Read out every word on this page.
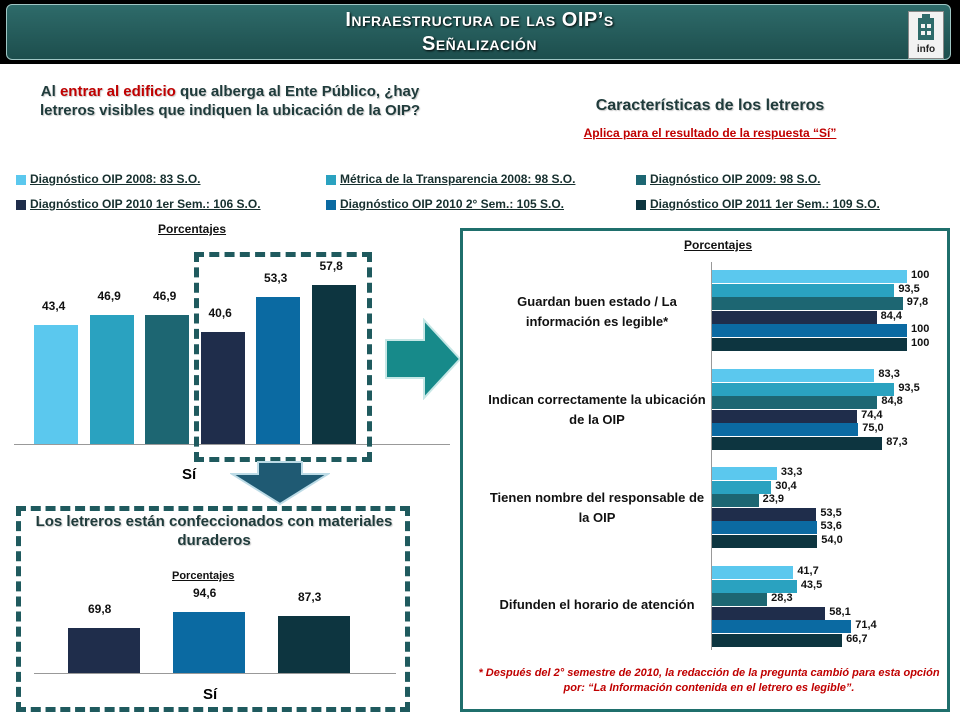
Infraestructura de las OIP’s
Señalización	info
Al entrar al edificio que alberga al Ente Público, ¿hay letreros visibles que indiquen la ubicación de la OIP?	Características de los letreros
Aplica para el resultado de la respuesta “Sí”
Diagnóstico OIP 2008: 83 S.O.	Métrica de la Transparencia 2008: 98 S.O.	Diagnóstico OIP 2009: 98 S.O.
Diagnóstico OIP 2010 1er Sem.: 106 S.O.	Diagnóstico OIP 2010 2° Sem.: 105 S.O.	Diagnóstico OIP 2011 1er Sem.: 109 S.O.
Porcentajes
43,4
46,9	46,9
40,6
53,3
57,8
Sí
Los letreros están confeccionados con materiales duraderos
Porcentajes
69,8
94,6	87,3
Sí
Porcentajes
Guardan buen estado / La información es legible*
100
93,5
97,8
84,4
100
100
Indican correctamente la ubicación de la OIP
83,3
93,5
84,8
74,4
75,0
87,3
Tienen nombre del responsable de la OIP
33,3
30,4
23,9
53,5
53,6
54,0
Difunden el horario de atención
41,7
43,5
28,3
58,1
71,4
66,7
* Después del 2° semestre de 2010, la redacción de la pregunta cambió para esta opción por: “La Información contenida en el letrero es legible”.
